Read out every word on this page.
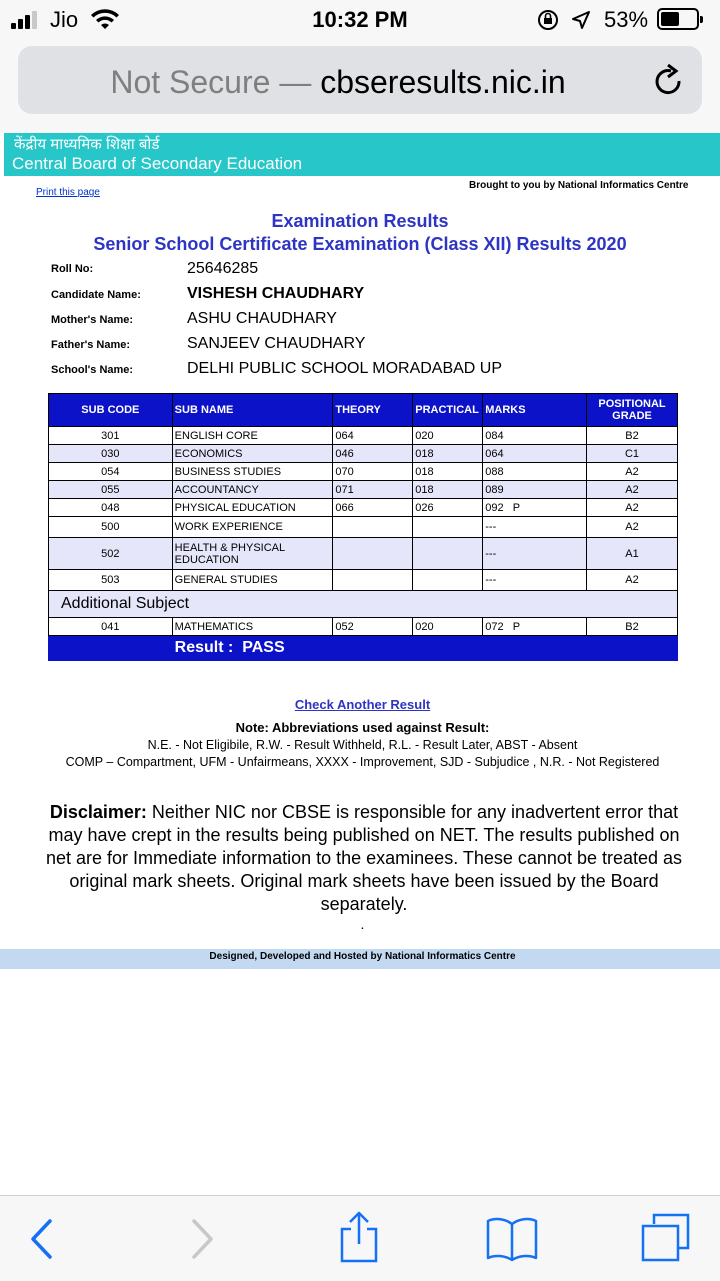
Jio	10:32 PM	53%
Not Secure — cbseresults.nic.in
केंद्रीय माध्यमिक शिक्षा बोर्ड
Central Board of Secondary Education
Print this page
Brought to you by National Informatics Centre
Examination Results
Senior School Certificate Examination (Class XII) Results 2020
Roll No:	25646285
Candidate Name:	VISHESH CHAUDHARY
Mother's Name:	ASHU CHAUDHARY
Father's Name:	SANJEEV CHAUDHARY
School's Name:	DELHI PUBLIC SCHOOL MORADABAD UP
SUB CODE	SUB NAME	THEORY	PRACTICAL	MARKS	POSITIONAL GRADE
301	ENGLISH CORE	064	020	084	B2
030	ECONOMICS	046	018	064	C1
054	BUSINESS STUDIES	070	018	088	A2
055	ACCOUNTANCY	071	018	089	A2
048	PHYSICAL EDUCATION	066	026	092   P	A2
500	WORK EXPERIENCE			---	A2
502	HEALTH & PHYSICAL EDUCATION			---	A1
503	GENERAL STUDIES			---	A2
Additional Subject					
041	MATHEMATICS	052	020	072   P	B2
	Result : PASS				
Check Another Result
Note: Abbreviations used against Result:
N.E. - Not Eligibile, R.W. - Result Withheld, R.L. - Result Later, ABST - Absent
COMP – Compartment, UFM - Unfairmeans, XXXX - Improvement, SJD - Subjudice , N.R. - Not Registered
Disclaimer: Neither NIC nor CBSE is responsible for any inadvertent error that may have crept in the results being published on NET. The results published on net are for Immediate information to the examinees. These cannot be treated as original mark sheets. Original mark sheets have been issued by the Board separately.
.
Designed, Developed and Hosted by National Informatics Centre
